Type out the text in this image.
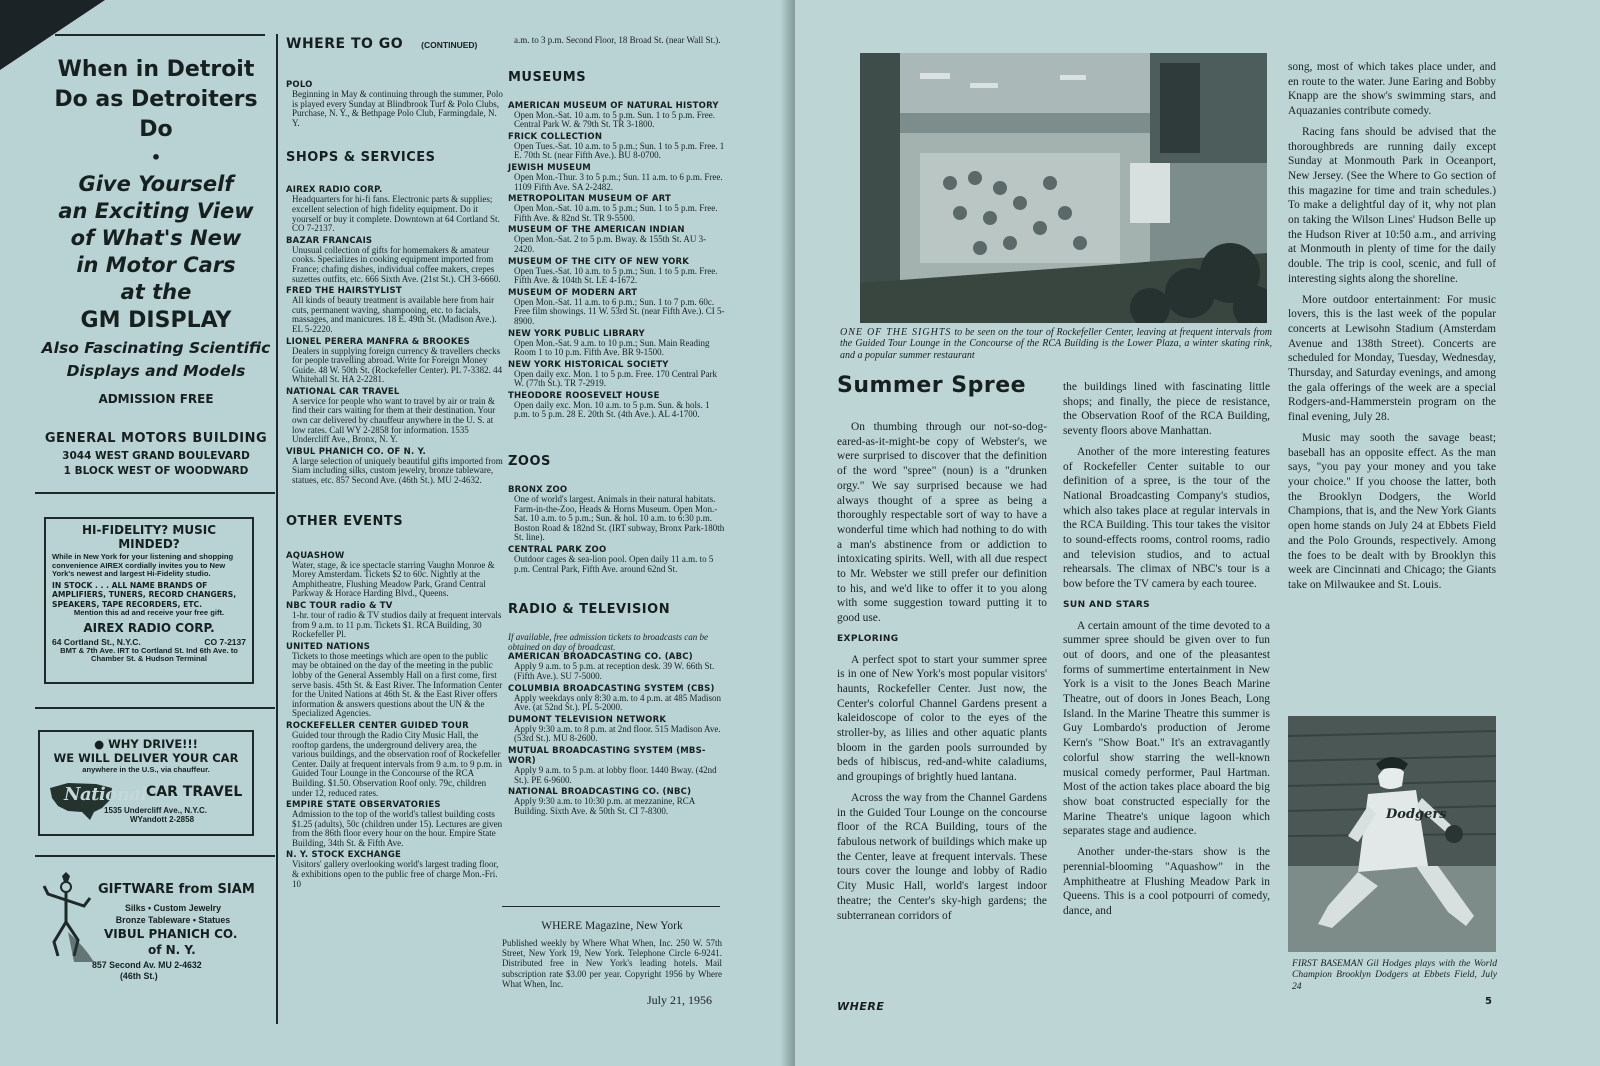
When in Detroit
Do as Detroiters Do
•
Give Yourself
an Exciting View
of What's New
in Motor Cars
at the
GM DISPLAY
Also Fascinating Scientific
Displays and Models
ADMISSION FREE
GENERAL MOTORS BUILDING
3044 WEST GRAND BOULEVARD
1 BLOCK WEST OF WOODWARD
HI-FIDELITY? MUSIC MINDED?
While in New York for your listening and shopping convenience AIREX cordially invites you to New York's newest and largest Hi-Fidelity studio.
IN STOCK . . . ALL NAME BRANDS OF AMPLIFIERS, TUNERS, RECORD CHANGERS, SPEAKERS, TAPE RECORDERS, ETC.
Mention this ad and receive your free gift.
AIREX RADIO CORP.
64 Cortland St., N.Y.C.	CO 7-2137
BMT & 7th Ave. IRT to Cortland St. Ind 6th Ave. to Chamber St. & Hudson Terminal
● WHY DRIVE!!!
WE WILL DELIVER YOUR CAR
anywhere in the U.S., via chauffeur.
National CAR TRAVEL
1535 Undercliff Ave., N.Y.C.
WYandott 2-2858
GIFTWARE from SIAM
Silks • Custom Jewelry
Bronze Tableware • Statues
VIBUL PHANICH CO.
of N. Y.
857 Second Av. MU 2-4632
(46th St.)
WHERE TO GO (CONTINUED)
POLO
Beginning in May & continuing through the summer, Polo is played every Sunday at Blindbrook Turf & Polo Clubs, Purchase, N. Y., & Bethpage Polo Club, Farmingdale, N. Y.
SHOPS & SERVICES
AIREX RADIO CORP.
Headquarters for hi-fi fans. Electronic parts & supplies; excellent selection of high fidelity equipment. Do it yourself or buy it complete. Downtown at 64 Cortland St. CO 7-2137.
BAZAR FRANCAIS
Unusual collection of gifts for homemakers & amateur cooks. Specializes in cooking equipment imported from France; chafing dishes, individual coffee makers, crepes suzettes outfits, etc. 666 Sixth Ave. (21st St.). CH 3-6660.
FRED THE HAIRSTYLIST
All kinds of beauty treatment is available here from hair cuts, permanent waving, shampooing, etc. to facials, massages, and manicures. 18 E. 49th St. (Madison Ave.). EL 5-2220.
LIONEL PERERA MANFRA & BROOKES
Dealers in supplying foreign currency & travellers checks for people travelling abroad. Write for Foreign Money Guide. 48 W. 50th St. (Rockefeller Center). PL 7-3382. 44 Whitehall St. HA 2-2281.
NATIONAL CAR TRAVEL
A service for people who want to travel by air or train & find their cars waiting for them at their destination. Your own car delivered by chauffeur anywhere in the U. S. at low rates. Call WY 2-2858 for information. 1535 Undercliff Ave., Bronx, N. Y.
VIBUL PHANICH CO. OF N. Y.
A large selection of uniquely beautiful gifts imported from Siam including silks, custom jewelry, bronze tableware, statues, etc. 857 Second Ave. (46th St.). MU 2-4632.
OTHER EVENTS
AQUASHOW
Water, stage, & ice spectacle starring Vaughn Monroe & Morey Amsterdam. Tickets $2 to 60c. Nightly at the Amphitheatre, Flushing Meadow Park, Grand Central Parkway & Horace Harding Blvd., Queens.
NBC TOUR radio & TV
1-hr. tour of radio & TV studios daily at frequent intervals from 9 a.m. to 11 p.m. Tickets $1. RCA Building, 30 Rockefeller Pl.
UNITED NATIONS
Tickets to those meetings which are open to the public may be obtained on the day of the meeting in the public lobby of the General Assembly Hall on a first come, first serve basis. 45th St. & East River. The Information Center for the United Nations at 46th St. & the East River offers information & answers questions about the UN & the Specialized Agencies.
ROCKEFELLER CENTER GUIDED TOUR
Guided tour through the Radio City Music Hall, the rooftop gardens, the underground delivery area, the various buildings, and the observation roof of Rockefeller Center. Daily at frequent intervals from 9 a.m. to 9 p.m. in Guided Tour Lounge in the Concourse of the RCA Building. $1.50. Observation Roof only. 79c, children under 12, reduced rates.
EMPIRE STATE OBSERVATORIES
Admission to the top of the world's tallest building costs $1.25 (adults), 50c (children under 15). Lectures are given from the 86th floor every hour on the hour. Empire State Building, 34th St. & Fifth Ave.
N. Y. STOCK EXCHANGE
Visitors' gallery overlooking world's largest trading floor, & exhibitions open to the public free of charge Mon.-Fri. 10
a.m. to 3 p.m. Second Floor, 18 Broad St. (near Wall St.).
MUSEUMS
AMERICAN MUSEUM OF NATURAL HISTORY
Open Mon.-Sat. 10 a.m. to 5 p.m. Sun. 1 to 5 p.m. Free. Central Park W. & 79th St. TR 3-1800.
FRICK COLLECTION
Open Tues.-Sat. 10 a.m. to 5 p.m.; Sun. 1 to 5 p.m. Free. 1 E. 70th St. (near Fifth Ave.). BU 8-0700.
JEWISH MUSEUM
Open Mon.-Thur. 3 to 5 p.m.; Sun. 11 a.m. to 6 p.m. Free. 1109 Fifth Ave. SA 2-2482.
METROPOLITAN MUSEUM OF ART
Open Mon.-Sat. 10 a.m. to 5 p.m.; Sun. 1 to 5 p.m. Free. Fifth Ave. & 82nd St. TR 9-5500.
MUSEUM OF THE AMERICAN INDIAN
Open Mon.-Sat. 2 to 5 p.m. Bway. & 155th St. AU 3-2420.
MUSEUM OF THE CITY OF NEW YORK
Open Tues.-Sat. 10 a.m. to 5 p.m.; Sun. 1 to 5 p.m. Free. Fifth Ave. & 104th St. LE 4-1672.
MUSEUM OF MODERN ART
Open Mon.-Sat. 11 a.m. to 6 p.m.; Sun. 1 to 7 p.m. 60c. Free film showings. 11 W. 53rd St. (near Fifth Ave.). CI 5-8900.
NEW YORK PUBLIC LIBRARY
Open Mon.-Sat. 9 a.m. to 10 p.m.; Sun. Main Reading Room 1 to 10 p.m. Fifth Ave. BR 9-1500.
NEW YORK HISTORICAL SOCIETY
Open daily exc. Mon. 1 to 5 p.m. Free. 170 Central Park W. (77th St.). TR 7-2919.
THEODORE ROOSEVELT HOUSE
Open daily exc. Mon. 10 a.m. to 5 p.m. Sun. & hols. 1 p.m. to 5 p.m. 28 E. 20th St. (4th Ave.). AL 4-1700.
ZOOS
BRONX ZOO
One of world's largest. Animals in their natural habitats. Farm-in-the-Zoo, Heads & Horns Museum. Open Mon.-Sat. 10 a.m. to 5 p.m.; Sun. & hol. 10 a.m. to 6:30 p.m. Boston Road & 182nd St. (IRT subway, Bronx Park-180th St. line).
CENTRAL PARK ZOO
Outdoor cages & sea-lion pool. Open daily 11 a.m. to 5 p.m. Central Park, Fifth Ave. around 62nd St.
RADIO & TELEVISION
If available, free admission tickets to broadcasts can be obtained on day of broadcast.
AMERICAN BROADCASTING CO. (ABC)
Apply 9 a.m. to 5 p.m. at reception desk. 39 W. 66th St. (Fifth Ave.). SU 7-5000.
COLUMBIA BROADCASTING SYSTEM (CBS)
Apply weekdays only 8:30 a.m. to 4 p.m. at 485 Madison Ave. (at 52nd St.). PL 5-2000.
DUMONT TELEVISION NETWORK
Apply 9:30 a.m. to 8 p.m. at 2nd floor. 515 Madison Ave. (53rd St.). MU 8-2600.
MUTUAL BROADCASTING SYSTEM (MBS-WOR)
Apply 9 a.m. to 5 p.m. at lobby floor. 1440 Bway. (42nd St.). PE 6-9600.
NATIONAL BROADCASTING CO. (NBC)
Apply 9:30 a.m. to 10:30 p.m. at mezzanine, RCA Building. Sixth Ave. & 50th St. CI 7-8300.
WHERE Magazine, New York
Published weekly by Where What When, Inc. 250 W. 57th Street, New York 19, New York. Telephone Circle 6-9241. Distributed free in New York's leading hotels. Mail subscription rate $3.00 per year. Copyright 1956 by Where What When, Inc.
July 21, 1956
ONE OF THE SIGHTS to be seen on the tour of Rockefeller Center, leaving at frequent intervals from the Guided Tour Lounge in the Concourse of the RCA Building is the Lower Plaza, a winter skating rink, and a popular summer restaurant
Summer Spree

On thumbing through our not-so-dog-eared-as-it-might-be copy of Webster's, we were surprised to discover that the definition of the word "spree" (noun) is a "drunken orgy." We say surprised because we had always thought of a spree as being a thoroughly respectable sort of way to have a wonderful time which had nothing to do with a man's abstinence from or addiction to intoxicating spirits. Well, with all due respect to Mr. Webster we still prefer our definition to his, and we'd like to offer it to you along with some suggestion toward putting it to good use.

EXPLORING

A perfect spot to start your summer spree is in one of New York's most popular visitors' haunts, Rockefeller Center. Just now, the Center's colorful Channel Gardens present a kaleidoscope of color to the eyes of the stroller-by, as lilies and other aquatic plants bloom in the garden pools surrounded by beds of hibiscus, red-and-white caladiums, and groupings of brightly hued lantana.

Across the way from the Channel Gardens in the Guided Tour Lounge on the concourse floor of the RCA Building, tours of the fabulous network of buildings which make up the Center, leave at frequent intervals. These tours cover the lounge and lobby of Radio City Music Hall, world's largest indoor theatre; the Center's sky-high gardens; the subterranean corridors of

WHERE

the buildings lined with fascinating little shops; and finally, the piece de resistance, the Observation Roof of the RCA Building, seventy floors above Manhattan.

Another of the more interesting features of Rockefeller Center suitable to our definition of a spree, is the tour of the National Broadcasting Company's studios, which also takes place at regular intervals in the RCA Building. This tour takes the visitor to sound-effects rooms, control rooms, radio and television studios, and to actual rehearsals. The climax of NBC's tour is a bow before the TV camera by each touree.

SUN AND STARS

A certain amount of the time devoted to a summer spree should be given over to fun out of doors, and one of the pleasantest forms of summertime entertainment in New York is a visit to the Jones Beach Marine Theatre, out of doors in Jones Beach, Long Island. In the Marine Theatre this summer is Guy Lombardo's production of Jerome Kern's "Show Boat." It's an extravagantly colorful show starring the well-known musical comedy performer, Paul Hartman. Most of the action takes place aboard the big show boat constructed especially for the Marine Theatre's unique lagoon which separates stage and audience.

Another under-the-stars show is the perennial-blooming "Aquashow" in the Amphitheatre at Flushing Meadow Park in Queens. This is a cool potpourri of comedy, dance, and

song, most of which takes place under, and en route to the water. June Earing and Bobby Knapp are the show's swimming stars, and Aquazanies contribute comedy.

Racing fans should be advised that the thoroughbreds are running daily except Sunday at Monmouth Park in Oceanport, New Jersey. (See the Where to Go section of this magazine for time and train schedules.) To make a delightful day of it, why not plan on taking the Wilson Lines' Hudson Belle up the Hudson River at 10:50 a.m., and arriving at Monmouth in plenty of time for the daily double. The trip is cool, scenic, and full of interesting sights along the shoreline.

More outdoor entertainment: For music lovers, this is the last week of the popular concerts at Lewisohn Stadium (Amsterdam Avenue and 138th Street). Concerts are scheduled for Monday, Tuesday, Wednesday, Thursday, and Saturday evenings, and among the gala offerings of the week are a special Rodgers-and-Hammerstein program on the final evening, July 28.

Music may sooth the savage beast; baseball has an opposite effect. As the man says, "you pay your money and you take your choice." If you choose the latter, both the Brooklyn Dodgers, the World Champions, that is, and the New York Giants open home stands on July 24 at Ebbets Field and the Polo Grounds, respectively. Among the foes to be dealt with by Brooklyn this week are Cincinnati and Chicago; the Giants take on Milwaukee and St. Louis.

Dodgers
FIRST BASEMAN Gil Hodges plays with the World Champion Brooklyn Dodgers at Ebbets Field, July 24
5
